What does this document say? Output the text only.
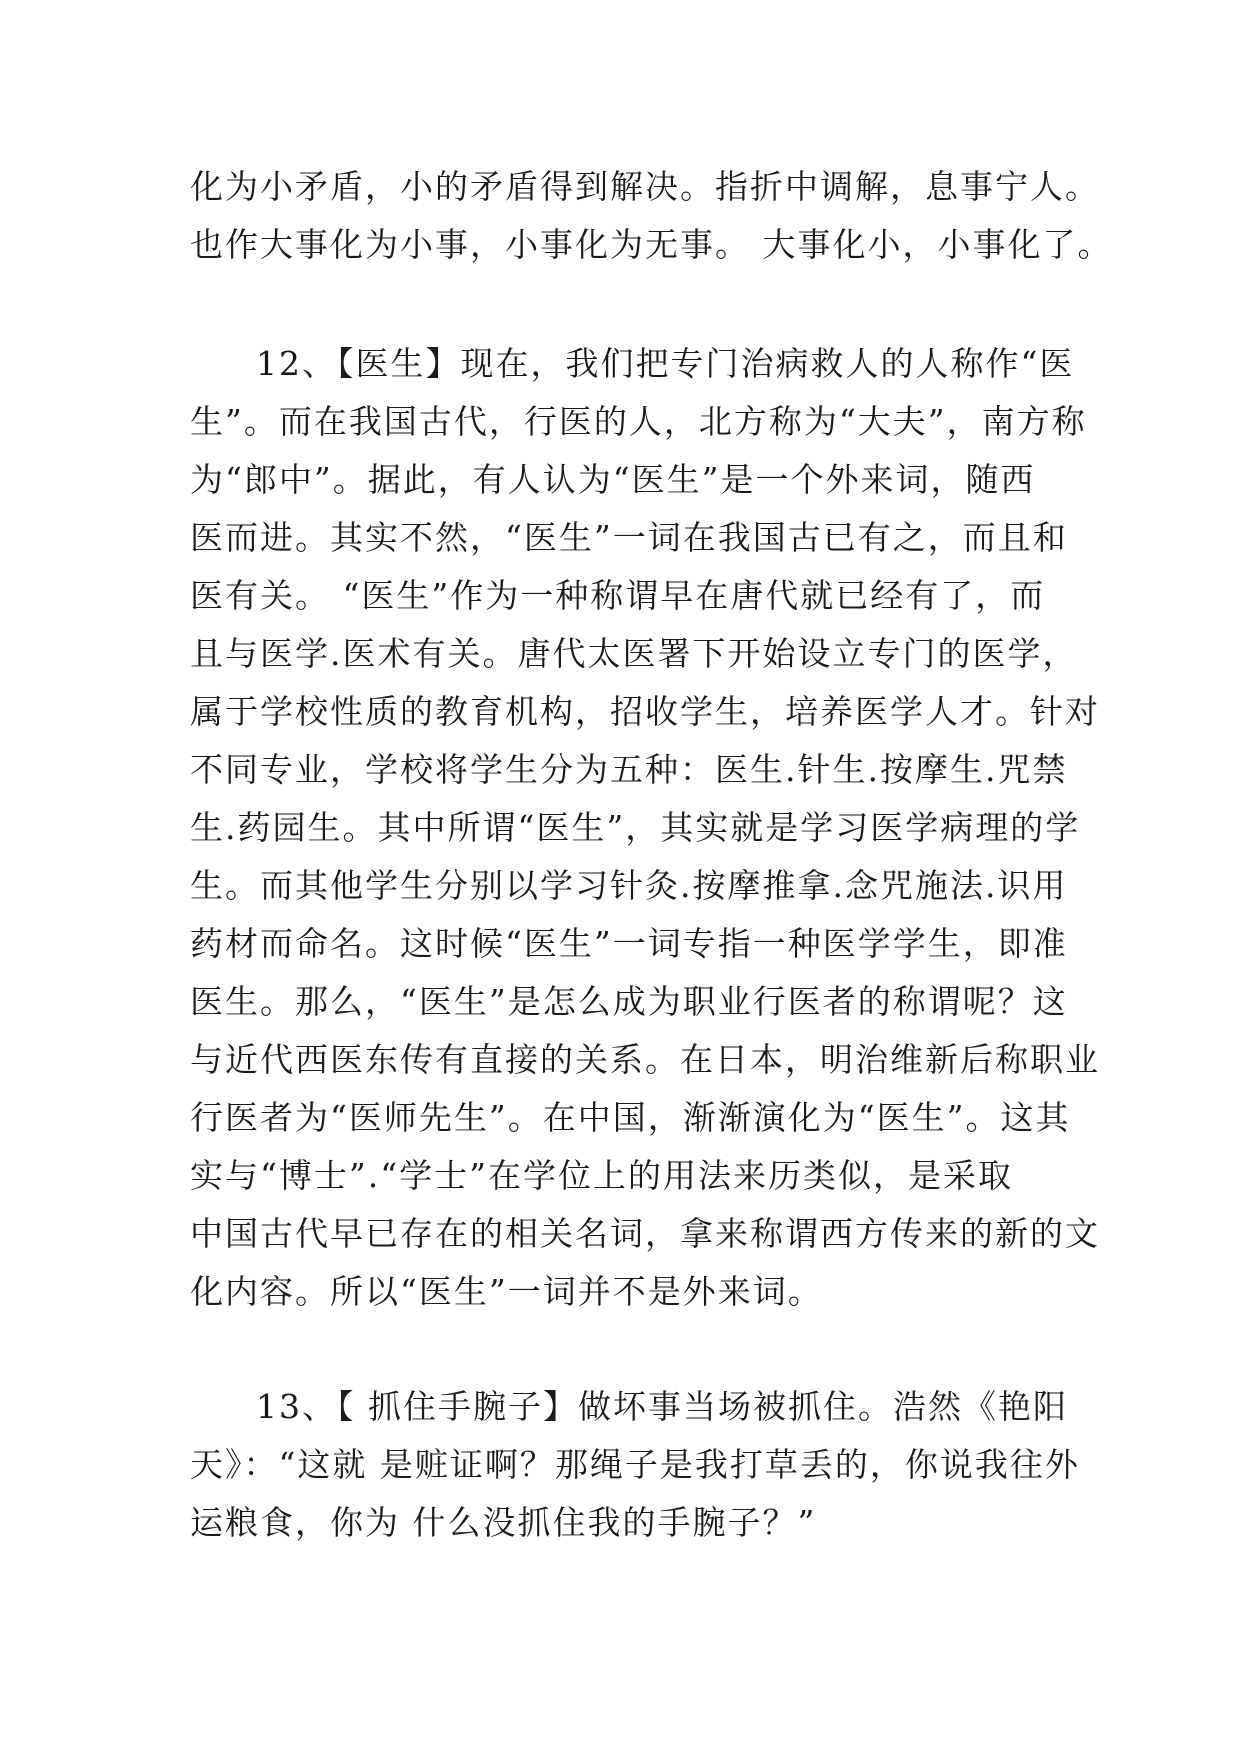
化为小矛盾，小的矛盾得到解决。指折中调解，息事宁人。
也作大事化为小事，小事化为无事。 大事化小，小事化了。
12、【医生】现在，我们把专门治病救人的人称作“医
生”。而在我国古代，行医的人，北方称为“大夫”，南方称
为“郎中”。据此，有人认为“医生”是一个外来词，随西
医而进。其实不然，“医生”一词在我国古已有之，而且和
医有关。 “医生”作为一种称谓早在唐代就已经有了，而
且与医学.医术有关。唐代太医署下开始设立专门的医学，
属于学校性质的教育机构，招收学生，培养医学人才。针对
不同专业，学校将学生分为五种：医生.针生.按摩生.咒禁
生.药园生。其中所谓“医生”，其实就是学习医学病理的学
生。而其他学生分别以学习针灸.按摩推拿.念咒施法.识用
药材而命名。这时候“医生”一词专指一种医学学生，即准
医生。那么，“医生”是怎么成为职业行医者的称谓呢？这
与近代西医东传有直接的关系。在日本，明治维新后称职业
行医者为“医师先生”。在中国，渐渐演化为“医生”。这其
实与“博士”.“学士”在学位上的用法来历类似，是采取
中国古代早已存在的相关名词，拿来称谓西方传来的新的文
化内容。所以“医生”一词并不是外来词。
13、【 抓住手腕子】做坏事当场被抓住。浩然《艳阳
天》：“这就 是赃证啊？那绳子是我打草丢的，你说我往外
运粮食，你为 什么没抓住我的手腕子？”
